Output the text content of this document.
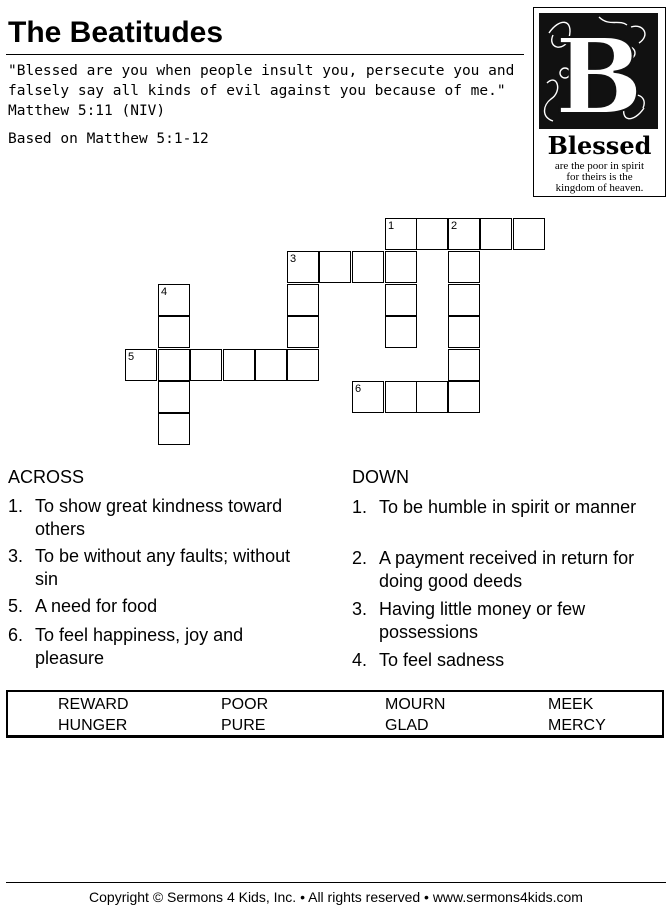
The Beatitudes
"Blessed are you when people insult you, persecute you and
falsely say all kinds of evil against you because of me."
Matthew 5:11 (NIV)
Based on Matthew 5:1-12
B
Blessed
are the poor in spirit
for theirs is the
kingdom of heaven.
1	2
3
4
5
6
ACROSS	DOWN
1. To show great kindness toward
others
3. To be without any faults; without
sin
5. A need for food
6. To feel happiness, joy and
pleasure
1. To be humble in spirit or manner
2. A payment received in return for
doing good deeds
3. Having little money or few
possessions
4. To feel sadness
REWARD	POOR	MOURN	MEEK
HUNGER	PURE	GLAD	MERCY
Copyright © Sermons 4 Kids, Inc. • All rights reserved • www.sermons4kids.com
